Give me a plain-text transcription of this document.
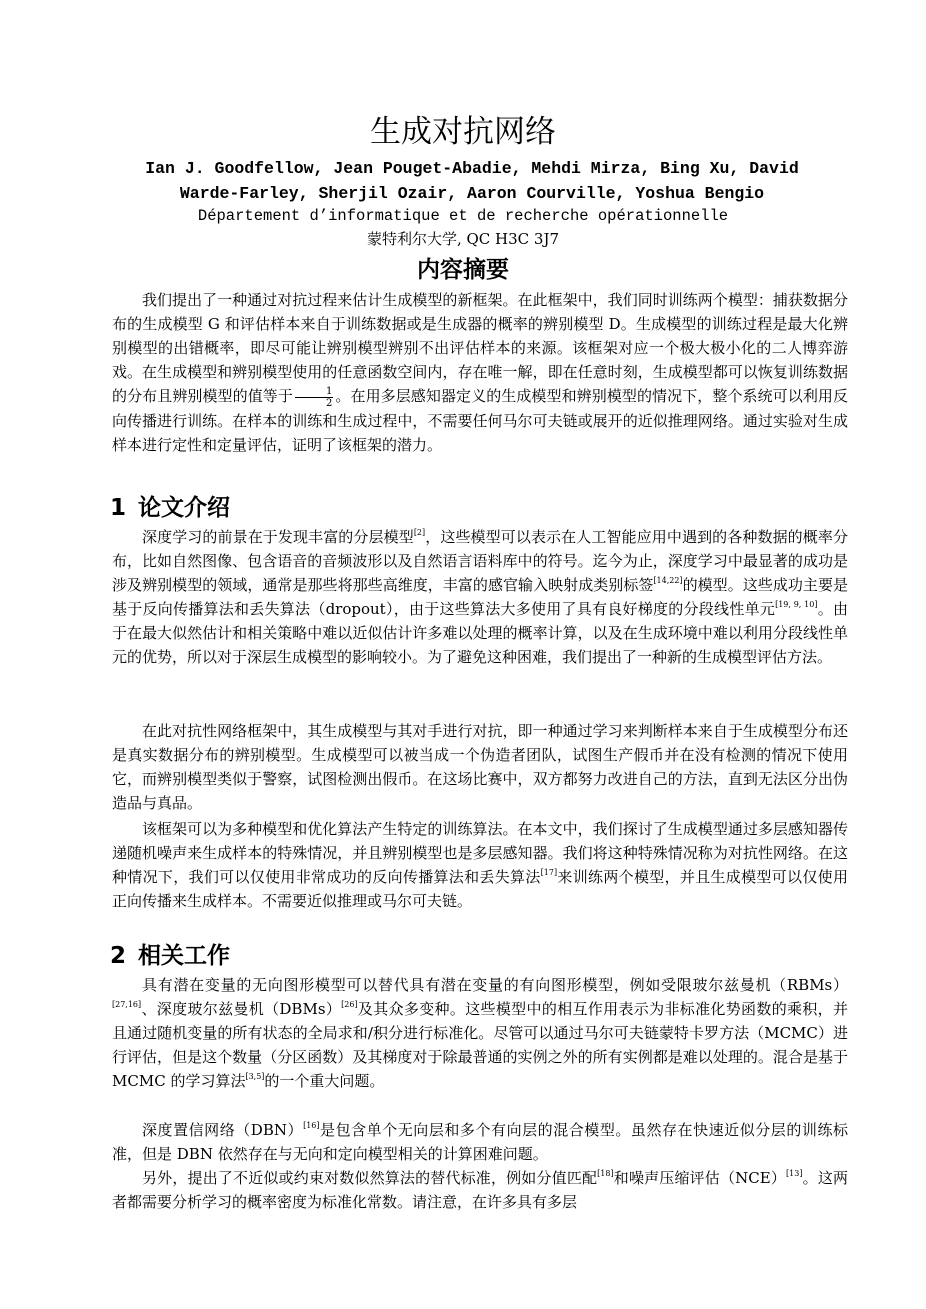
生成对抗网络
Ian J. Goodfellow, Jean Pouget-Abadie, Mehdi Mirza, Bing Xu, David Warde-Farley, Sherjil Ozair, Aaron Courville, Yoshua Bengio
Département d’informatique et de recherche opérationnelle
蒙特利尔大学, QC H3C 3J7
内容摘要

我们提出了一种通过对抗过程来估计生成模型的新框架。在此框架中，我们同时训练两个模型：捕获数据分布的生成模型 G 和评估样本来自于训练数据或是生成器的概率的辨别模型 D。生成模型的训练过程是最大化辨别模型的出错概率，即尽可能让辨别模型辨别不出评估样本的来源。该框架对应一个极大极小化的二人博弈游戏。在生成模型和辨别模型使用的任意函数空间内，存在唯一解，即在任意时刻，生成模型都可以恢复训练数据的分布且辨别模型的值等于 $\frac{1}{2}$ 。在用多层感知器定义的生成模型和辨别模型的情况下，整个系统可以利用反向传播进行训练。在样本的训练和生成过程中，不需要任何马尔可夫链或展开的近似推理网络。通过实验对生成样本进行定性和定量评估，证明了该框架的潜力。

1 论文介绍

深度学习的前景在于发现丰富的分层模型[2]，这些模型可以表示在人工智能应用中遇到的各种数据的概率分布，比如自然图像、包含语音的音频波形以及自然语言语料库中的符号。迄今为止，深度学习中最显著的成功是涉及辨别模型的领域，通常是那些将那些高维度，丰富的感官输入映射成类别标签[14,22]的模型。这些成功主要是基于反向传播算法和丢失算法（dropout），由于这些算法大多使用了具有良好梯度的分段线性单元[19, 9, 10]。由于在最大似然估计和相关策略中难以近似估计许多难以处理的概率计算，以及在生成环境中难以利用分段线性单元的优势，所以对于深层生成模型的影响较小。为了避免这种困难，我们提出了一种新的生成模型评估方法。

在此对抗性网络框架中，其生成模型与其对手进行对抗，即一种通过学习来判断样本来自于生成模型分布还是真实数据分布的辨别模型。生成模型可以被当成一个伪造者团队，试图生产假币并在没有检测的情况下使用它，而辨别模型类似于警察，试图检测出假币。在这场比赛中，双方都努力改进自己的方法，直到无法区分出伪造品与真品。

该框架可以为多种模型和优化算法产生特定的训练算法。在本文中，我们探讨了生成模型通过多层感知器传递随机噪声来生成样本的特殊情况，并且辨别模型也是多层感知器。我们将这种特殊情况称为对抗性网络。在这种情况下，我们可以仅使用非常成功的反向传播算法和丢失算法[17]来训练两个模型，并且生成模型可以仅使用正向传播来生成样本。不需要近似推理或马尔可夫链。

2 相关工作

具有潜在变量的无向图形模型可以替代具有潜在变量的有向图形模型，例如受限玻尔兹曼机（RBMs）[27,16]、深度玻尔兹曼机（DBMs）[26]及其众多变种。这些模型中的相互作用表示为非标准化势函数的乘积，并且通过随机变量的所有状态的全局求和/积分进行标准化。尽管可以通过马尔可夫链蒙特卡罗方法（MCMC）进行评估，但是这个数量（分区函数）及其梯度对于除最普通的实例之外的所有实例都是难以处理的。混合是基于 MCMC 的学习算法[3,5]的一个重大问题。

深度置信网络（DBN）[16]是包含单个无向层和多个有向层的混合模型。虽然存在快速近似分层的训练标准，但是 DBN 依然存在与无向和定向模型相关的计算困难问题。

另外，提出了不近似或约束对数似然算法的替代标准，例如分值匹配[18]和噪声压缩评估（NCE）[13]。这两者都需要分析学习的概率密度为标准化常数。请注意，在许多具有多层
